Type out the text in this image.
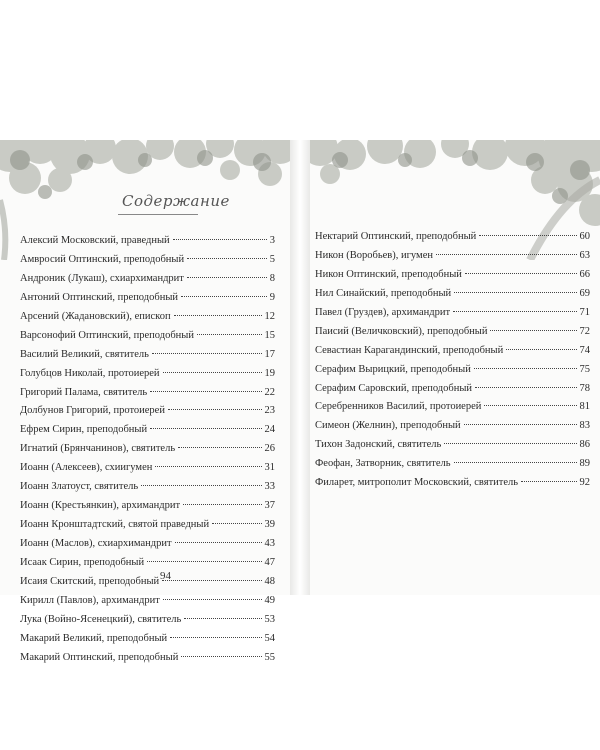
Содержание
Алексий Московский, праведный	3
Амвросий Оптинский, преподобный	5
Андроник (Лукаш), схиархимандрит	8
Антоний Оптинский, преподобный	9
Арсений (Жадановский), епископ	12
Варсонофий Оптинский, преподобный	15
Василий Великий, святитель	17
Голубцов Николай, протоиерей	19
Григорий Палама, святитель	22
Долбунов Григорий, протоиерей	23
Ефрем Сирин, преподобный	24
Игнатий (Брянчанинов), святитель	26
Иоанн (Алексеев), схиигумен	31
Иоанн Златоуст, святитель	33
Иоанн (Крестьянкин), архимандрит	37
Иоанн Кронштадтский, святой праведный	39
Иоанн (Маслов), схиархимандрит	43
Исаак Сирин, преподобный	47
Исаия Скитский, преподобный	48
Кирилл (Павлов), архимандрит	49
Лука (Войно-Ясенецкий), святитель	53
Макарий Великий, преподобный	54
Макарий Оптинский, преподобный	55
94
Нектарий Оптинский, преподобный	60
Никон (Воробьев), игумен	63
Никон Оптинский, преподобный	66
Нил Синайский, преподобный	69
Павел (Груздев), архимандрит	71
Паисий (Величковский), преподобный	72
Севастиан Карагандинский, преподобный	74
Серафим Вырицкий, преподобный	75
Серафим Саровский, преподобный	78
Серебренников Василий, протоиерей	81
Симеон (Желнин), преподобный	83
Тихон Задонский, святитель	86
Феофан, Затворник, святитель	89
Филарет, митрополит Московский, святитель	92
